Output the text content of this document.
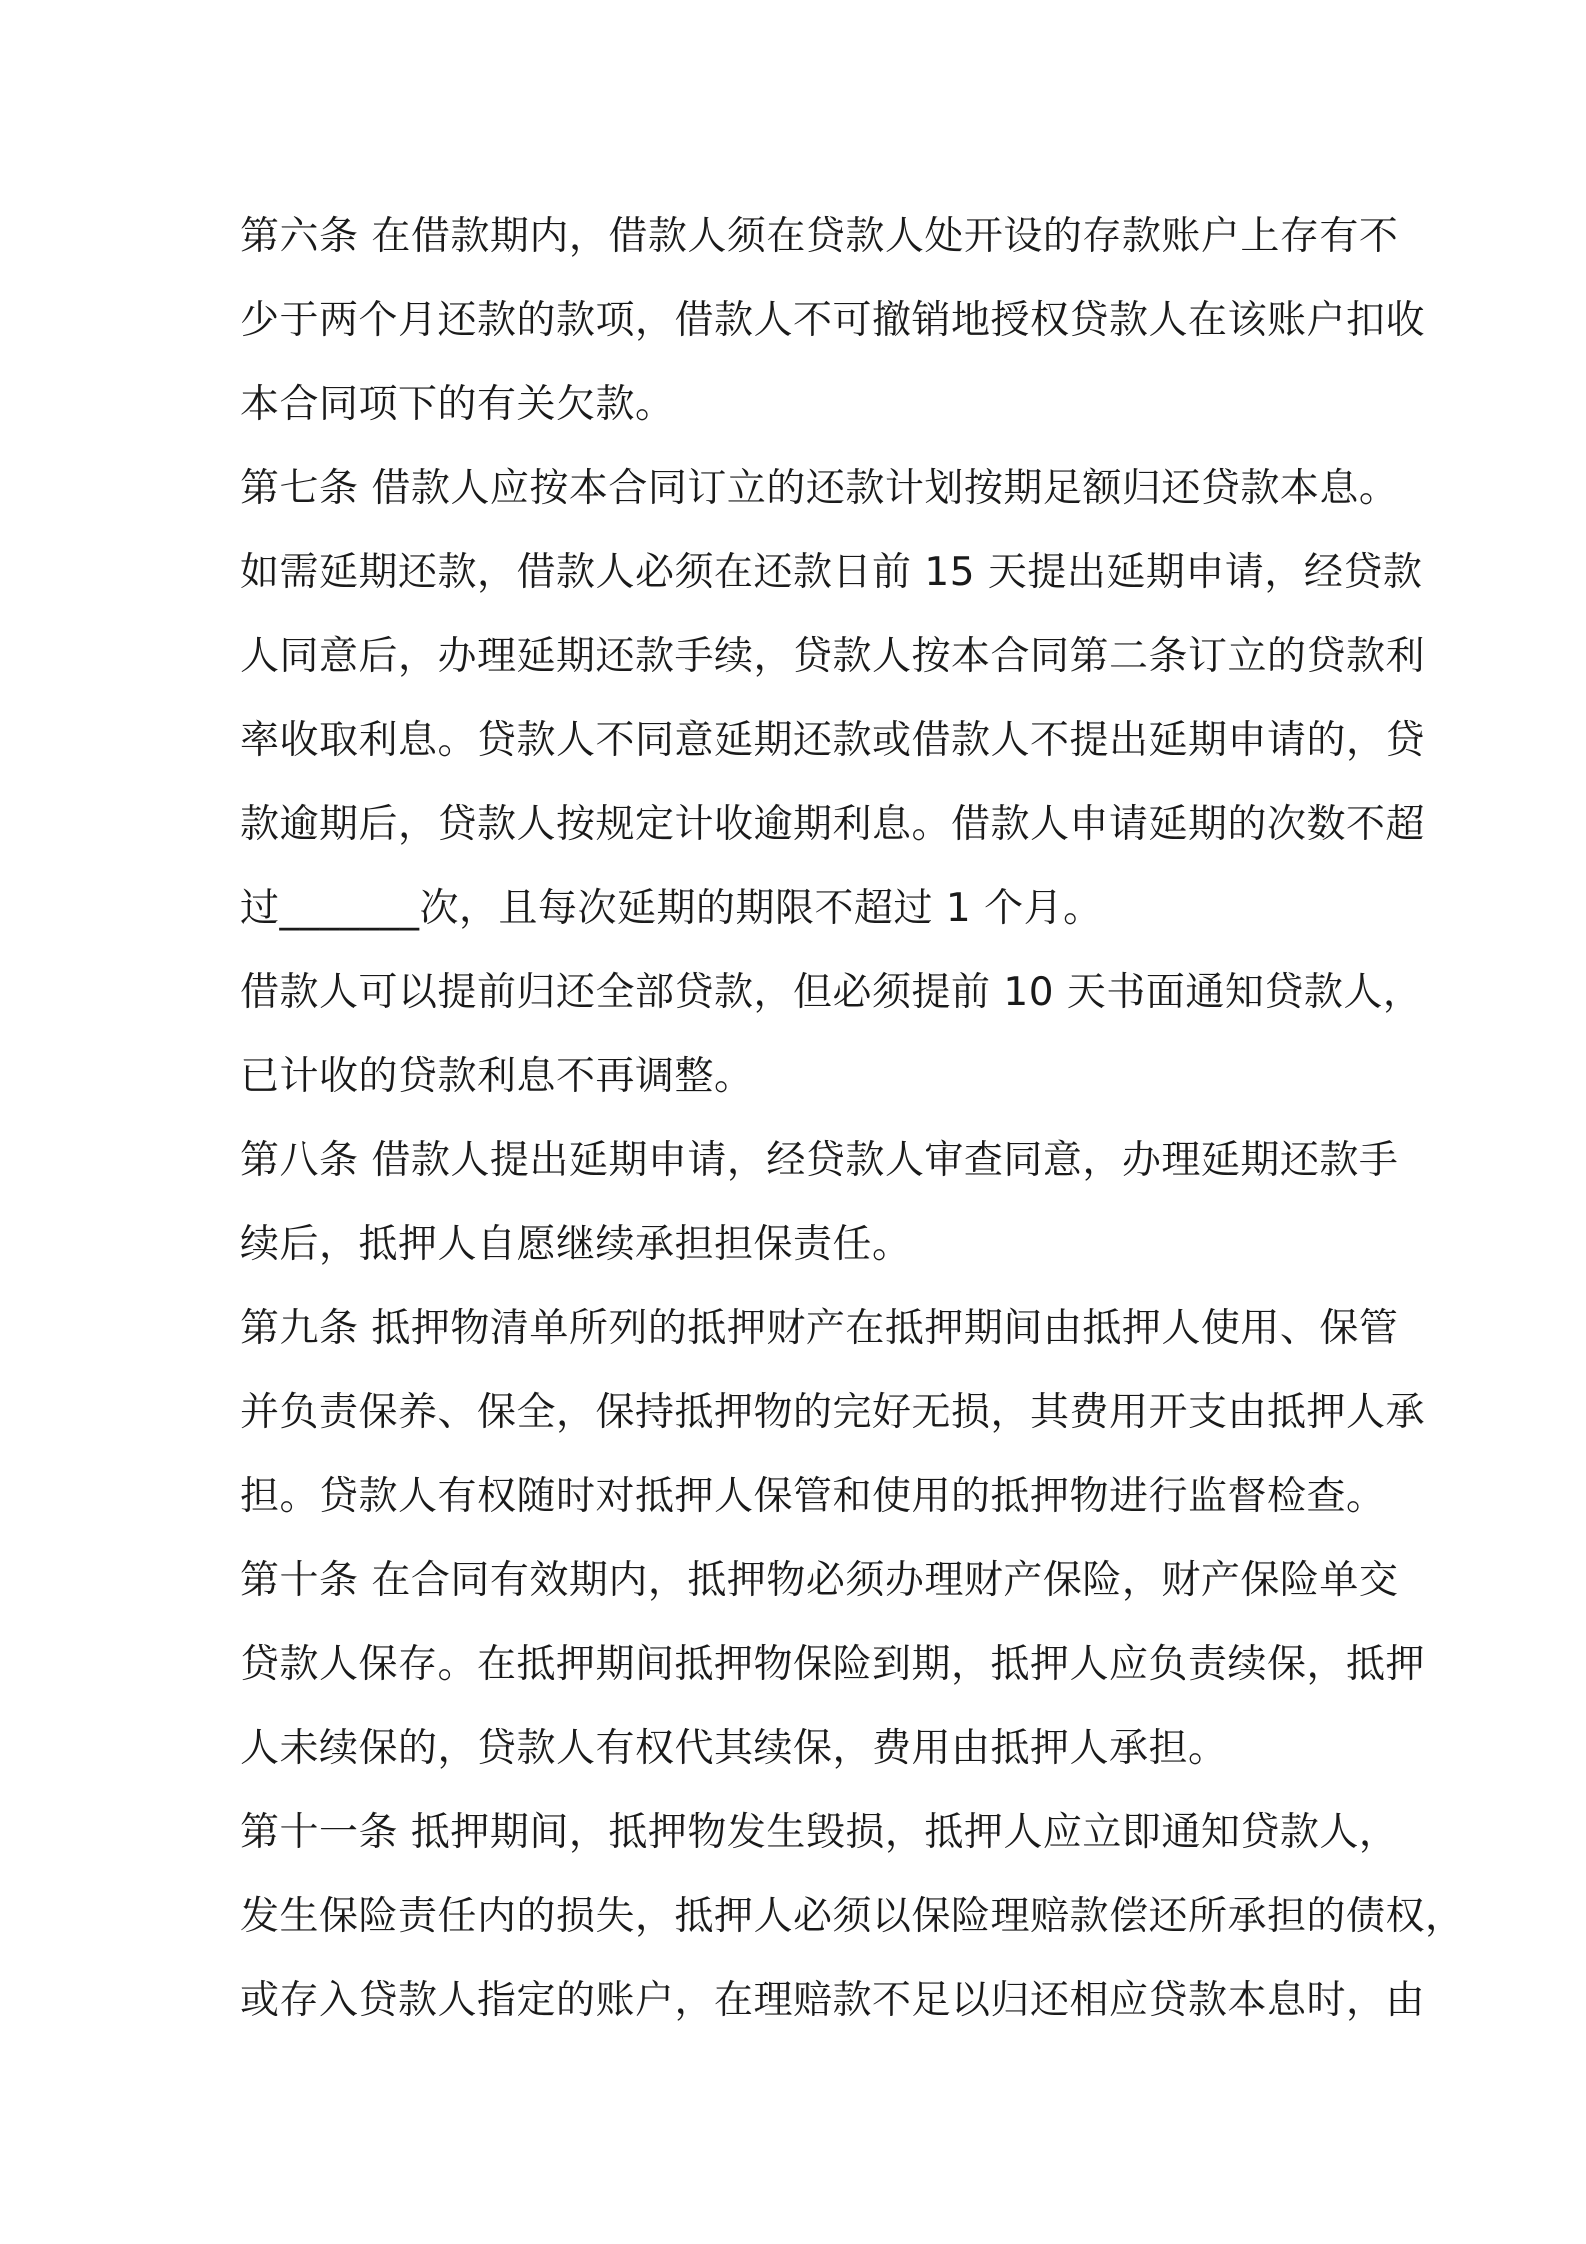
第六条 在借款期内，借款人须在贷款人处开设的存款账户上存有不
少于两个月还款的款项，借款人不可撤销地授权贷款人在该账户扣收
本合同项下的有关欠款。
第七条 借款人应按本合同订立的还款计划按期足额归还贷款本息。
如需延期还款，借款人必须在还款日前 15 天提出延期申请，经贷款
人同意后，办理延期还款手续，贷款人按本合同第二条订立的贷款利
率收取利息。贷款人不同意延期还款或借款人不提出延期申请的，贷
款逾期后，贷款人按规定计收逾期利息。借款人申请延期的次数不超
过_______次，且每次延期的期限不超过 1 个月。
借款人可以提前归还全部贷款，但必须提前 10 天书面通知贷款人，
已计收的贷款利息不再调整。
第八条 借款人提出延期申请，经贷款人审查同意，办理延期还款手
续后，抵押人自愿继续承担担保责任。
第九条 抵押物清单所列的抵押财产在抵押期间由抵押人使用、保管
并负责保养、保全，保持抵押物的完好无损，其费用开支由抵押人承
担。贷款人有权随时对抵押人保管和使用的抵押物进行监督检查。
第十条 在合同有效期内，抵押物必须办理财产保险，财产保险单交
贷款人保存。在抵押期间抵押物保险到期，抵押人应负责续保，抵押
人未续保的，贷款人有权代其续保，费用由抵押人承担。
第十一条 抵押期间，抵押物发生毁损，抵押人应立即通知贷款人，
发生保险责任内的损失，抵押人必须以保险理赔款偿还所承担的债权，
或存入贷款人指定的账户，在理赔款不足以归还相应贷款本息时，由
